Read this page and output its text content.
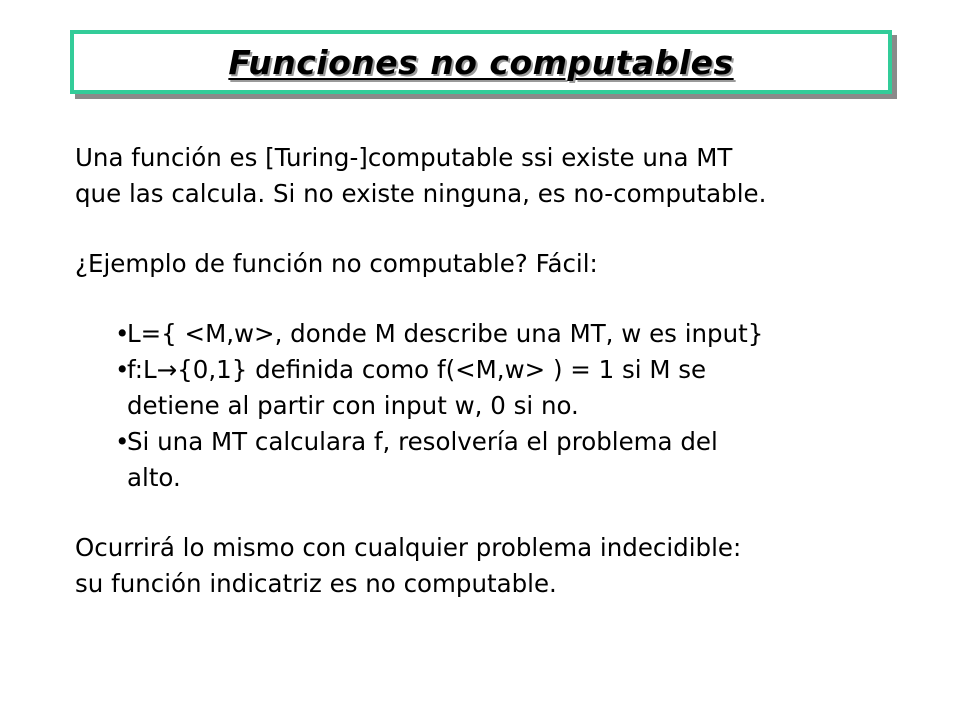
Funciones no computables

Una función es [Turing-]computable ssi existe una MT

que las calcula. Si no existe ninguna, es no-computable.

¿Ejemplo de función no computable? Fácil:

•
L={ <M,w>, donde M describe una MT, w es input}
•
f:L→{0,1} definida como f(<M,w> ) = 1 si M se
detiene al partir con input w, 0 si no.
•
Si una MT calculara f, resolvería el problema del
alto.

Ocurrirá lo mismo con cualquier problema indecidible:

su función indicatriz es no computable.
